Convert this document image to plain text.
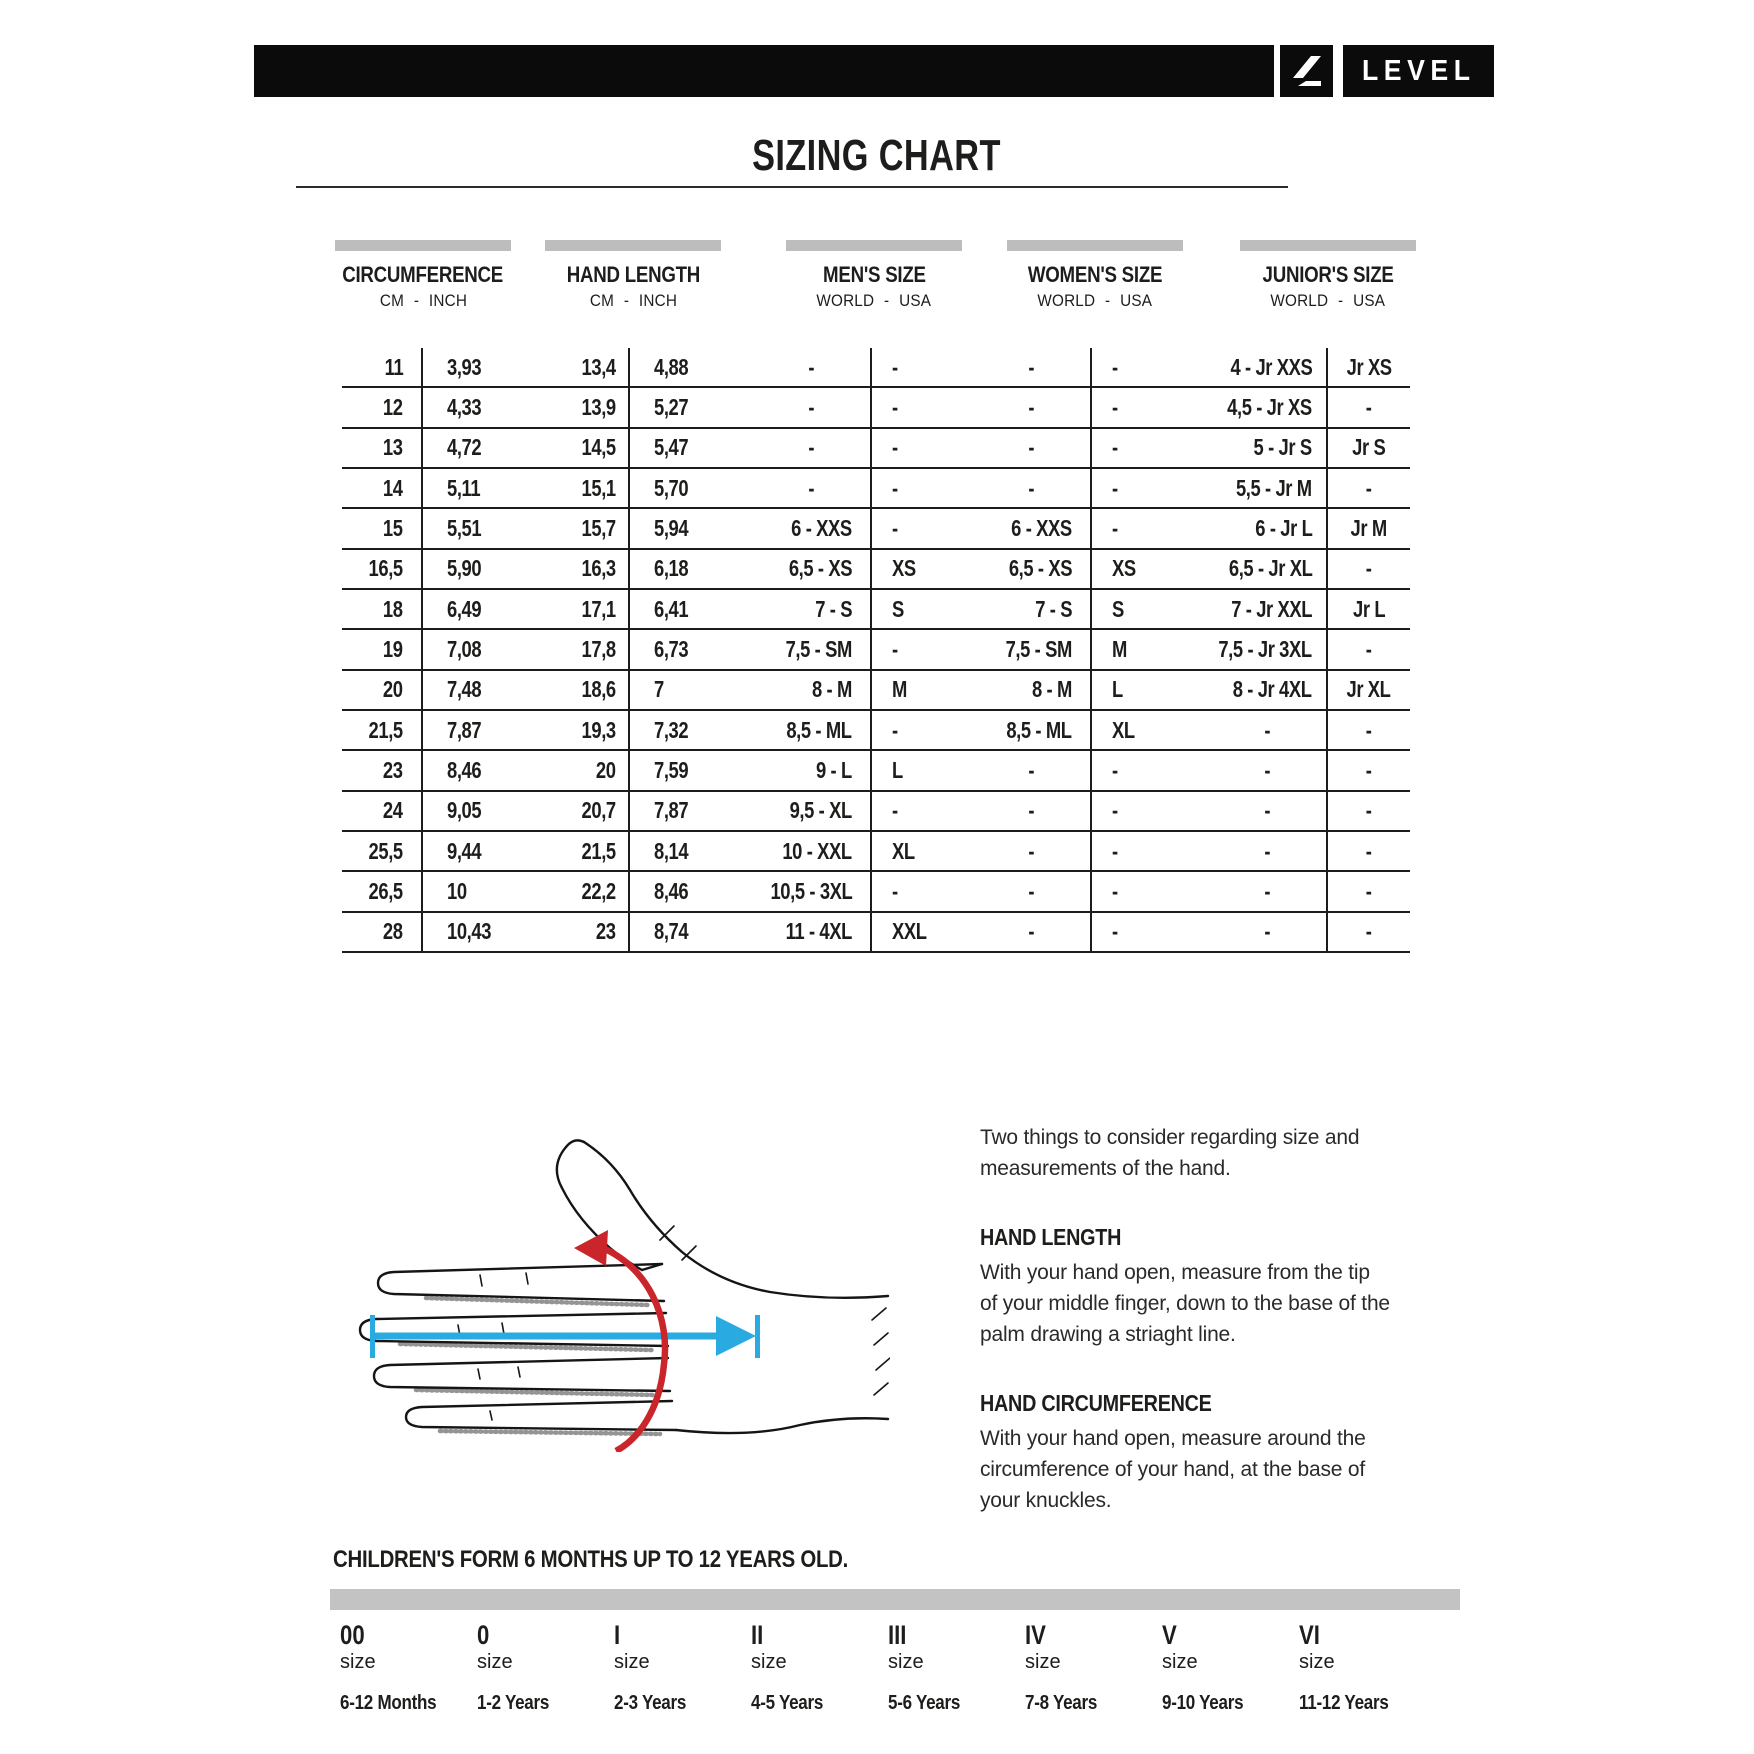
LEVEL
SIZING CHART
CIRCUMFERENCE
CM - INCH
HAND LENGTH
CM - INCH
MEN'S SIZE
WORLD - USA
WOMEN'S SIZE
WORLD - USA
JUNIOR'S SIZE
WORLD - USA
11 3,93	13,4 4,88	-	-	-	-	4 - Jr XXS Jr XS
12 4,33	13,9 5,27	-	-	-	-	4,5 - Jr XS -
13 4,72	14,5 5,47	-	-	-	-	5 - Jr S Jr S
14 5,11	15,1 5,70	-	-	-	-	5,5 - Jr M -
15 5,51	15,7 5,94	6 - XXS -	6 - XXS -	6 - Jr L Jr M
16,5 5,90	16,3 6,18	6,5 - XS XS	6,5 - XS XS	6,5 - Jr XL -
18 6,49	17,1 6,41	7 - S S	7 - S S	7 - Jr XXL Jr L
19 7,08	17,8 6,73	7,5 - SM -	7,5 - SM M	7,5 - Jr 3XL -
20 7,48	18,6 7	8 - M M	8 - M L	8 - Jr 4XL Jr XL
21,5 7,87	19,3 7,32	8,5 - ML -	8,5 - ML XL	-	-
23 8,46	20 7,59	9 - L L	-	-	-	-
24 9,05	20,7 7,87	9,5 - XL -	-	-	-	-
25,5 9,44	21,5 8,14	10 - XXL XL	-	-	-	-
26,5 10	22,2 8,46	10,5 - 3XL -	-	-	-	-
28 10,43	23 8,74	11 - 4XL XXL	-	-	-	-

Two things to consider regarding size and measurements of the hand.

HAND LENGTH

With your hand open, measure from the tip of your middle finger, down to the base of the palm drawing a striaght line.

HAND CIRCUMFERENCE

With your hand open, measure around the circumference of your hand, at the base of your knuckles.

CHILDREN'S FORM 6 MONTHS UP TO 12 YEARS OLD.
00
size
6-12 Months
0
size
1-2 Years
I
size
2-3 Years
II
size
4-5 Years
III
size
5-6 Years
IV
size
7-8 Years
V
size
9-10 Years
VI
size
11-12 Years
